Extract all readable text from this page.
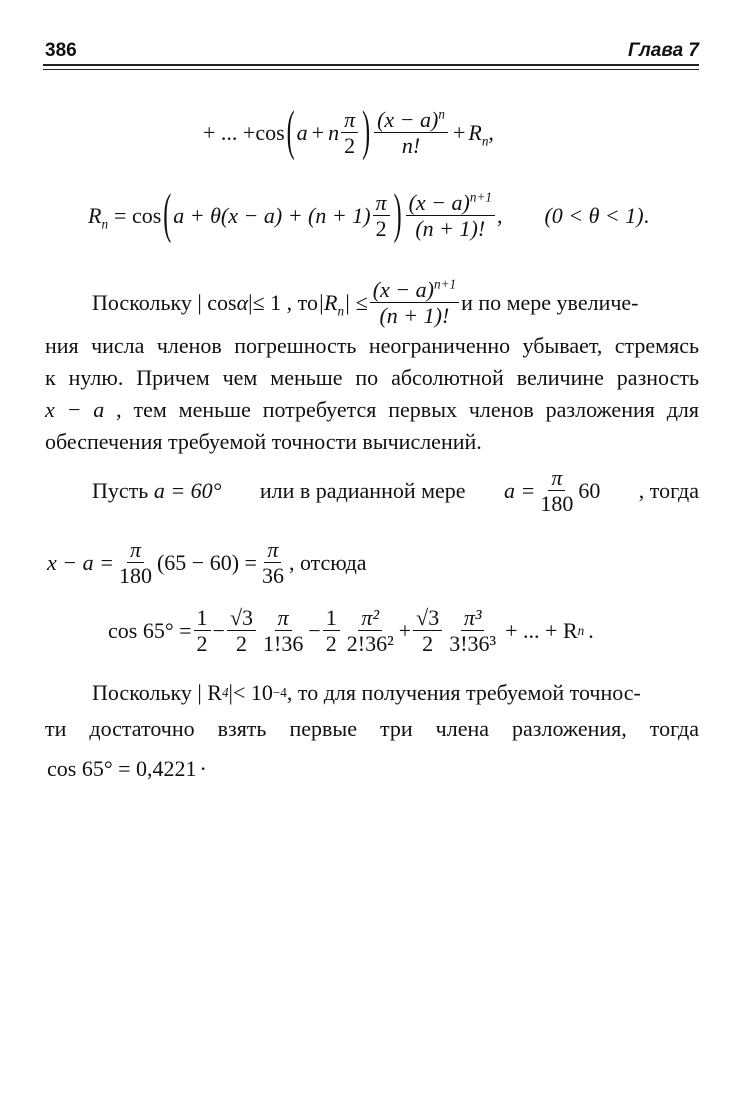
386	Глава 7
+ ... +cos ( a + n $\frac{\pi}{2}$ ) $\frac{(x - a)^n}{n!} + R_n$ ,
$R_n = \cos$ ( $a + \theta(x - a) + (n + 1) \frac{\pi}{2}$ ) $\frac{(x - a)^{n+1}}{(n + 1)!}$ , (0 < θ < 1) .
Поскольку | cos α |≤ 1 , то $|R_n| \le \frac{(x - a)^{n+1}}{(n + 1)!}$ и по мере увеличе-
ния числа членов погрешность неограниченно убывает, стремясь
к нулю. Причем чем меньше по абсолютной величине разность
x − a , тем меньше потребуется первых членов разложения для
обеспечения требуемой точности вычислений.
Пусть a = 60° или в радианной мере $a = \frac{\pi}{180} 60$ , тогда
$x - a = \frac{\pi}{180} (65 - 60) = \frac{\pi}{36}$ , отсюда
$\cos 65^\circ = \frac{1}{2} - \frac{√3}{2} \frac{\pi}{1!36} - \frac{1}{2} \frac{\text{π²}}{\text{2!36²}} + \frac{√3}{2} \frac{\text{π³}}{\text{3!36³}}$ + ... + R n .
Поскольку | R 4 |< 10 −4 , то для получения требуемой точнос-
ти достаточно взять первые три члена разложения, тогда
cos 65° = 0,4221 ·
